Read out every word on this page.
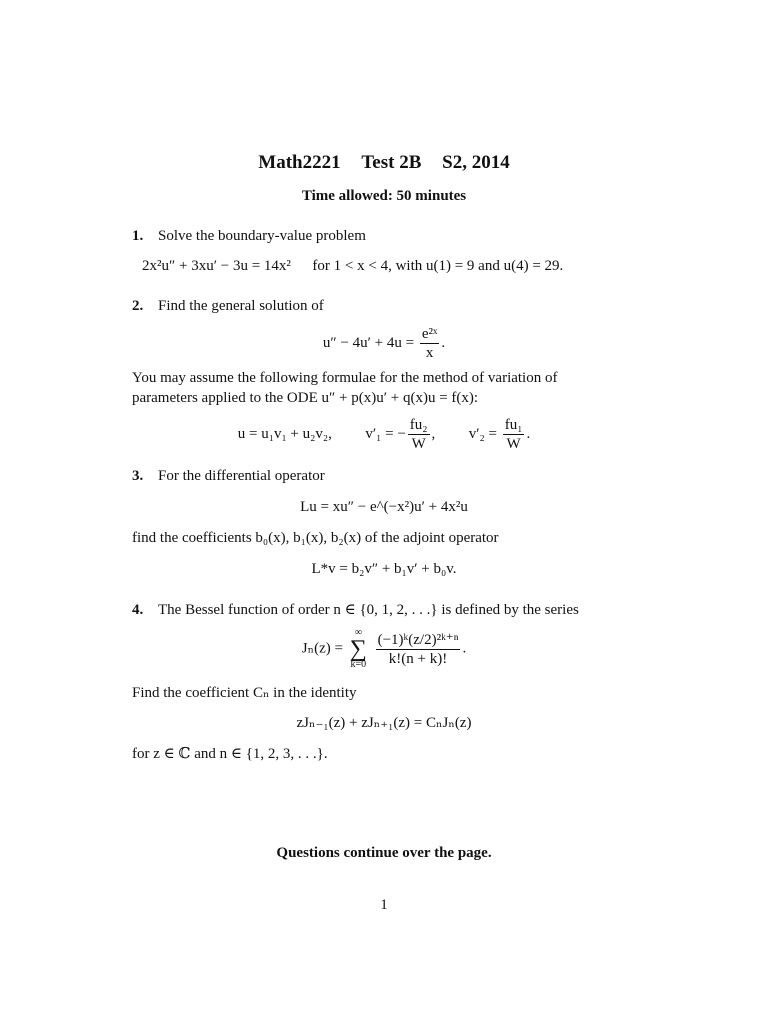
Math2221 Test 2B S2, 2014
Time allowed: 50 minutes
1. Solve the boundary-value problem
2x²u″ + 3xu′ − 3u = 14x² for 1 < x < 4, with u(1) = 9 and u(4) = 29.
2. Find the general solution of
$u'' - 4u' + 4u = \frac{\text{e²ˣ}}{x}$ .
You may assume the following formulae for the method of variation of
parameters applied to the ODE u″ + p(x)u′ + q(x)u = f(x):
u = u₁v₁ + u₂v₂, v′₁ = − $\frac{\text{fu₂}}{W}$ ,  $v'_2 = \frac{\text{fu₁}}{W}$ .
3. For the differential operator
Lu = xu″ − e^(−x²)u′ + 4x²u
find the coefficients b₀(x), b₁(x), b₂(x) of the adjoint operator
L*v = b₂v″ + b₁v′ + b₀v.
4. The Bessel function of order n ∈ {0, 1, 2, . . .} is defined by the series
Jₙ(z) =
∞
∑
k=0
$\frac{\text{(−1)ᵏ(z/2)²ᵏ⁺ⁿ}}{k!(n + k)!}$ .
Find the coefficient Cₙ in the identity
zJₙ₋₁(z) + zJₙ₊₁(z) = CₙJₙ(z)
for z ∈ ℂ and n ∈ {1, 2, 3, . . .}.
Questions continue over the page.
1
